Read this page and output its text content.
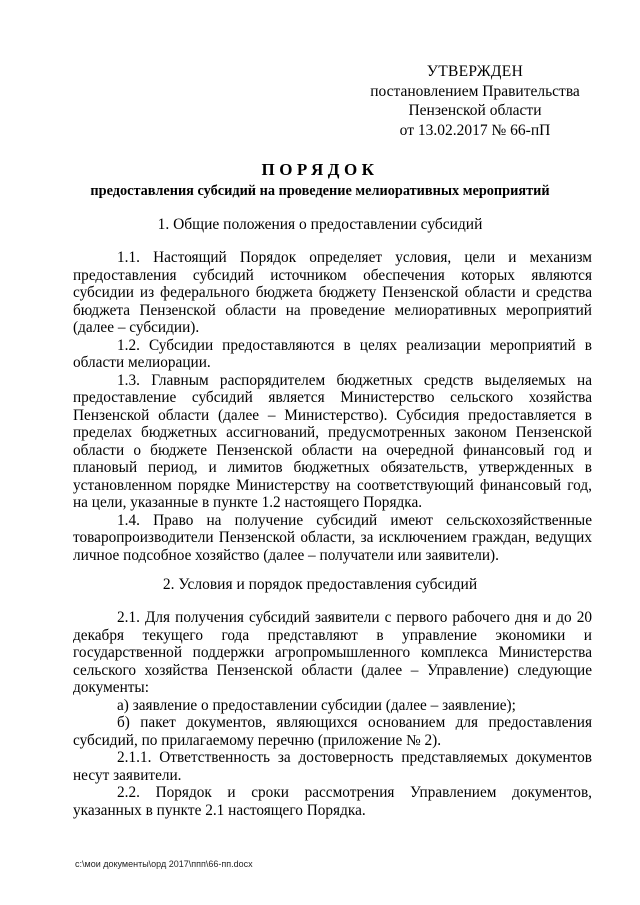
УТВЕРЖДЕН
постановлением Правительства
Пензенской области
от 13.02.2017 № 66-пП
ПОРЯДОК
предоставления субсидий на проведение мелиоративных мероприятий
1. Общие положения о предоставлении субсидий

1.1. Настоящий Порядок определяет условия, цели и механизм предоставления субсидий источником обеспечения которых являются субсидии из федерального бюджета бюджету Пензенской области и средства бюджета Пензенской области на проведение мелиоративных мероприятий (далее – субсидии).

1.2. Субсидии предоставляются в целях реализации мероприятий в области мелиорации.

1.3. Главным распорядителем бюджетных средств выделяемых на предоставление субсидий является Министерство сельского хозяйства Пензенской области (далее – Министерство). Субсидия предоставляется в пределах бюджетных ассигнований, предусмотренных законом Пензенской области о бюджете Пензенской области на очередной финансовый год и плановый период, и лимитов бюджетных обязательств, утвержденных в установленном порядке Министерству на соответствующий финансовый год, на цели, указанные в пункте 1.2 настоящего Порядка.

1.4. Право на получение субсидий имеют сельскохозяйственные товаропроизводители Пензенской области, за исключением граждан, ведущих личное подсобное хозяйство (далее – получатели или заявители).

2. Условия и порядок предоставления субсидий

2.1. Для получения субсидий заявители с первого рабочего дня и до 20 декабря текущего года представляют в управление экономики и государственной поддержки агропромышленного комплекса Министерства сельского хозяйства Пензенской области (далее – Управление) следующие документы:

а) заявление о предоставлении субсидии (далее – заявление);

б) пакет документов, являющихся основанием для предоставления субсидий, по прилагаемому перечню (приложение № 2).

2.1.1. Ответственность за достоверность представляемых документов несут заявители.

2.2. Порядок и сроки рассмотрения Управлением документов, указанных в пункте 2.1 настоящего Порядка.

c:\мои документы\орд 2017\ппп\66-пп.docx
